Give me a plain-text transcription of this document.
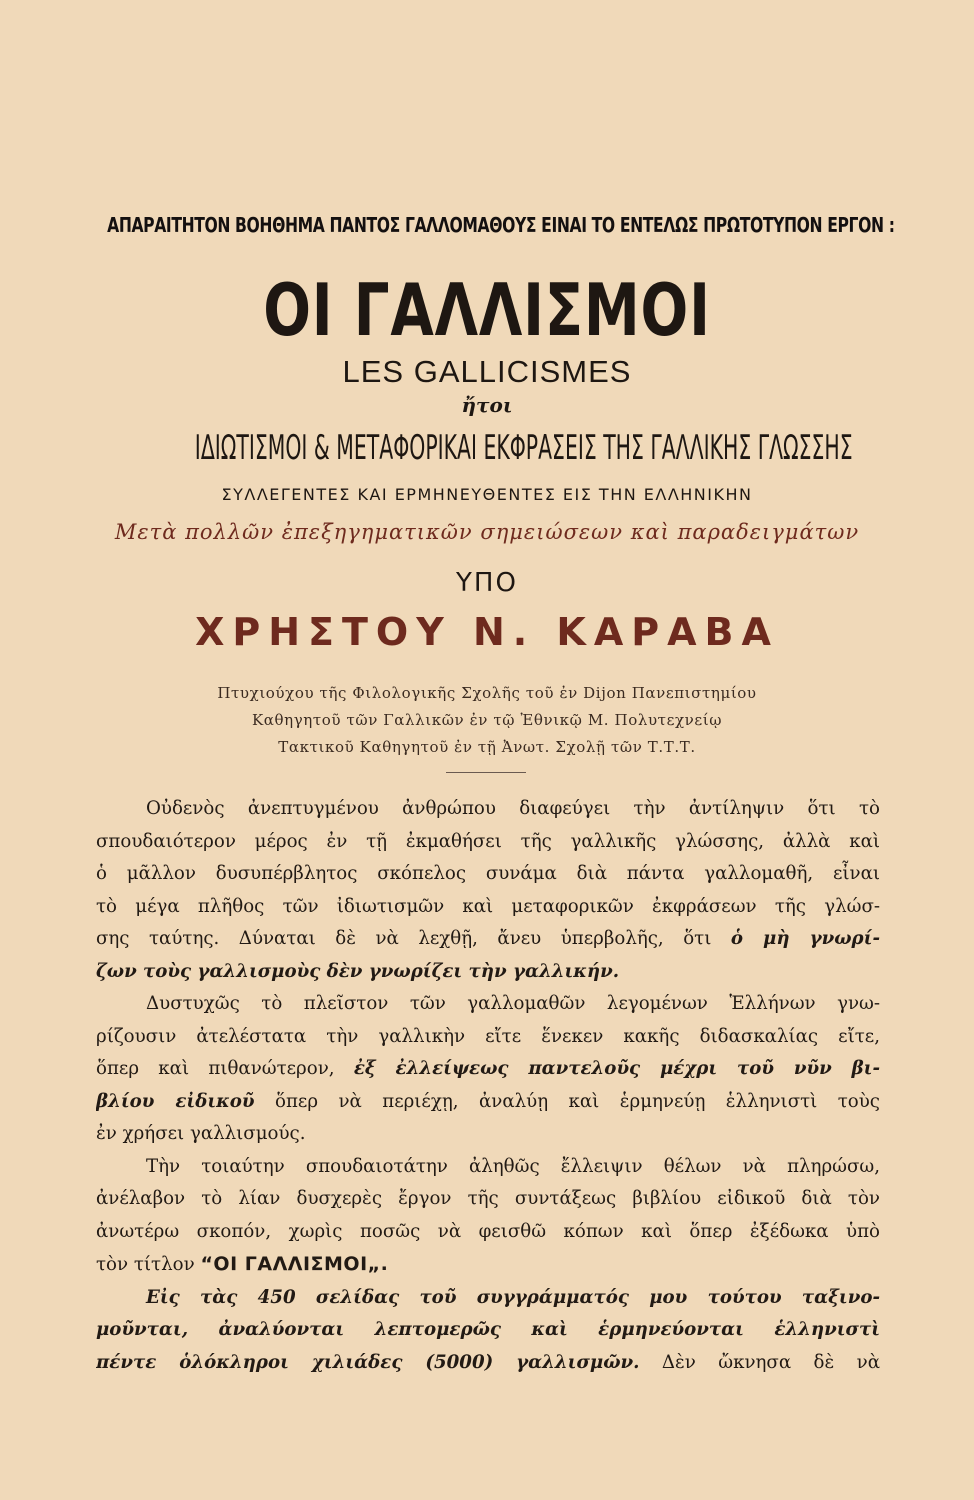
ΑΠΑΡΑΙΤΗΤΟΝ ΒΟΗΘΗΜΑ ΠΑΝΤΟΣ ΓΑΛΛΟΜΑΘΟΥΣ ΕΙΝΑΙ ΤΟ ΕΝΤΕΛΩΣ ΠΡΩΤΟΤΥΠΟΝ ΕΡΓΟΝ :
ΟΙ ΓΑΛΛΙΣΜΟΙ
LES GALLICISMES
ἤτοι
ΙΔΙΩΤΙΣΜΟΙ & ΜΕΤΑΦΟΡΙΚΑΙ ΕΚΦΡΑΣΕΙΣ ΤΗΣ ΓΑΛΛΙΚΗΣ ΓΛΩΣΣΗΣ
ΣΥΛΛΕΓΕΝΤΕΣ ΚΑΙ ΕΡΜΗΝΕΥΘΕΝΤΕΣ ΕΙΣ ΤΗΝ ΕΛΛΗΝΙΚΗΝ
Μετὰ πολλῶν ἐπεξηγηματικῶν σημειώσεων καὶ παραδειγμάτων
ΥΠΟ
ΧΡΗΣΤΟΥ Ν. ΚΑΡΑΒΑ
Πτυχιούχου τῆς Φιλολογικῆς Σχολῆς τοῦ ἐν Dijon Πανεπιστημίου
Καθηγητοῦ τῶν Γαλλικῶν ἐν τῷ Ἐθνικῷ Μ. Πολυτεχνείῳ
Τακτικοῦ Καθηγητοῦ ἐν τῇ Ἀνωτ. Σχολῇ τῶν Τ.Τ.Τ.
Οὐδενὸς ἀνεπτυγμένου ἀνθρώπου διαφεύγει τὴν ἀντίληψιν ὅτι τὸ
σπουδαιότερον μέρος ἐν τῇ ἐκμαθήσει τῆς γαλλικῆς γλώσσης, ἀλλὰ καὶ
ὁ μᾶλλον δυσυπέρβλητος σκόπελος συνάμα διὰ πάντα γαλλομαθῆ, εἶναι
τὸ μέγα πλῆθος τῶν ἰδιωτισμῶν καὶ μεταφορικῶν ἐκφράσεων τῆς γλώσ-
σης ταύτης. Δύναται δὲ νὰ λεχθῇ, ἄνευ ὑπερβολῆς, ὅτι ὁ μὴ γνωρί-
ζων τοὺς γαλλισμοὺς δὲν γνωρίζει τὴν γαλλικήν.
Δυστυχῶς τὸ πλεῖστον τῶν γαλλομαθῶν λεγομένων Ἑλλήνων γνω-
ρίζουσιν ἀτελέστατα τὴν γαλλικὴν εἴτε ἕνεκεν κακῆς διδασκαλίας εἴτε,
ὅπερ καὶ πιθανώτερον, ἐξ ἐλλείψεως παντελοῦς μέχρι τοῦ νῦν βι-
βλίου εἰδικοῦ ὅπερ νὰ περιέχῃ, ἀναλύῃ καὶ ἑρμηνεύῃ ἑλληνιστὶ τοὺς
ἐν χρήσει γαλλισμούς.
Τὴν τοιαύτην σπουδαιοτάτην ἀληθῶς ἔλλειψιν θέλων νὰ πληρώσω,
ἀνέλαβον τὸ λίαν δυσχερὲς ἔργον τῆς συντάξεως βιβλίου εἰδικοῦ διὰ τὸν
ἀνωτέρω σκοπόν, χωρὶς ποσῶς νὰ φεισθῶ κόπων καὶ ὅπερ ἐξέδωκα ὑπὸ
τὸν τίτλον “ΟΙ ΓΑΛΛΙΣΜΟΙ„.
Εἰς τὰς 450 σελίδας τοῦ συγγράμματός μου τούτου ταξινο-
μοῦνται, ἀναλύονται λεπτομερῶς καὶ ἑρμηνεύονται ἑλληνιστὶ
πέντε ὁλόκληροι χιλιάδες (5000) γαλλισμῶν. Δὲν ὤκνησα δὲ νὰ
